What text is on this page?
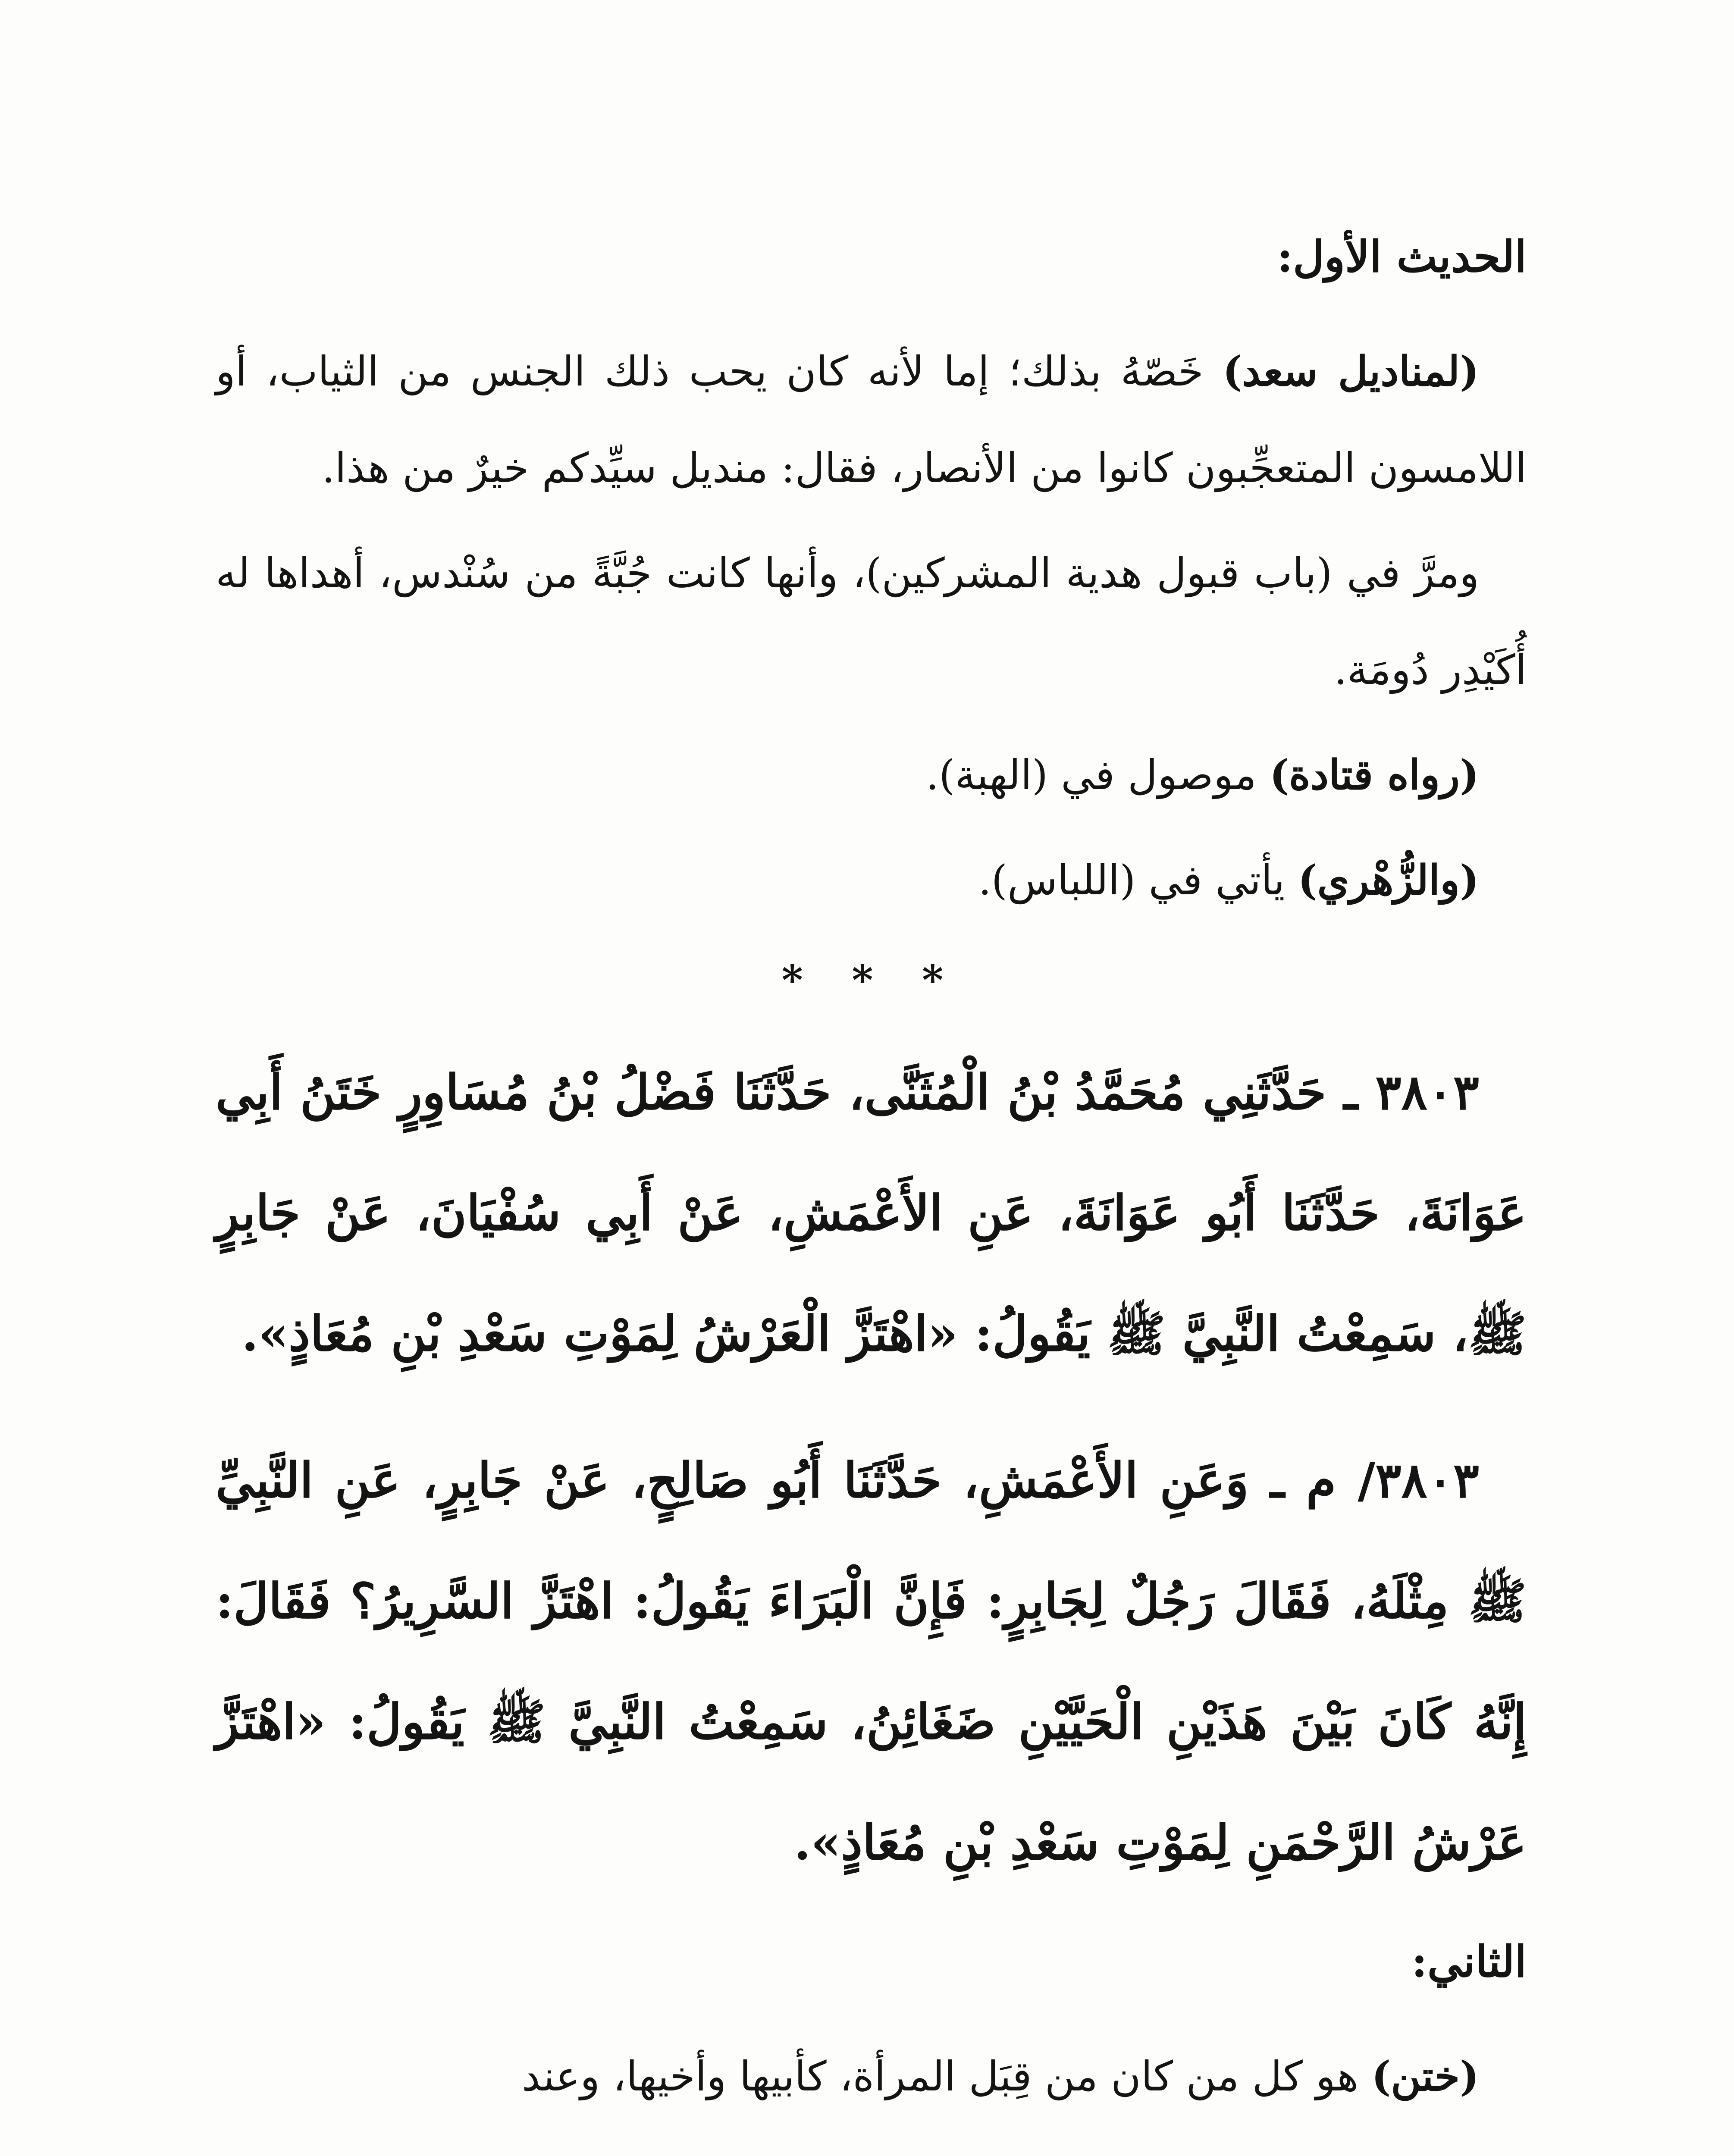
الحديث الأول:

(لمناديل سعد) خَصّهُ بذلك؛ إما لأنه كان يحب ذلك الجنس من الثياب، أو اللامسون المتعجِّبون كانوا من الأنصار، فقال: منديل سيِّدكم خيرٌ من هذا.

ومرَّ في (باب قبول هدية المشركين)، وأنها كانت جُبَّةً من سُنْدس، أهداها له أُكَيْدِر دُومَة.

(رواه قتادة) موصول في (الهبة).

(والزُّهْري) يأتي في (اللباس).

* * *

٣٨٠٣ ـ حَدَّثَنِي مُحَمَّدُ بْنُ الْمُثَنَّى، حَدَّثَنَا فَضْلُ بْنُ مُسَاوِرٍ خَتَنُ أَبِي عَوَانَةَ، حَدَّثَنَا أَبُو عَوَانَةَ، عَنِ الأَعْمَشِ، عَنْ أَبِي سُفْيَانَ، عَنْ جَابِرٍ ﷺ، سَمِعْتُ النَّبِيَّ ﷺ يَقُولُ: «اهْتَزَّ الْعَرْشُ لِمَوْتِ سَعْدِ بْنِ مُعَاذٍ».

٣٨٠٣/ م ـ وَعَنِ الأَعْمَشِ، حَدَّثَنَا أَبُو صَالِحٍ، عَنْ جَابِرٍ، عَنِ النَّبِيِّ ﷺ مِثْلَهُ، فَقَالَ رَجُلٌ لِجَابِرٍ: فَإِنَّ الْبَرَاءَ يَقُولُ: اهْتَزَّ السَّرِيرُ؟ فَقَالَ: إِنَّهُ كَانَ بَيْنَ هَذَيْنِ الْحَيَّيْنِ ضَغَائِنُ، سَمِعْتُ النَّبِيَّ ﷺ يَقُولُ: «اهْتَزَّ عَرْشُ الرَّحْمَنِ لِمَوْتِ سَعْدِ بْنِ مُعَاذٍ».

الثاني:

(ختن) هو كل من كان من قِبَل المرأة، كأبيها وأخيها، وعند
